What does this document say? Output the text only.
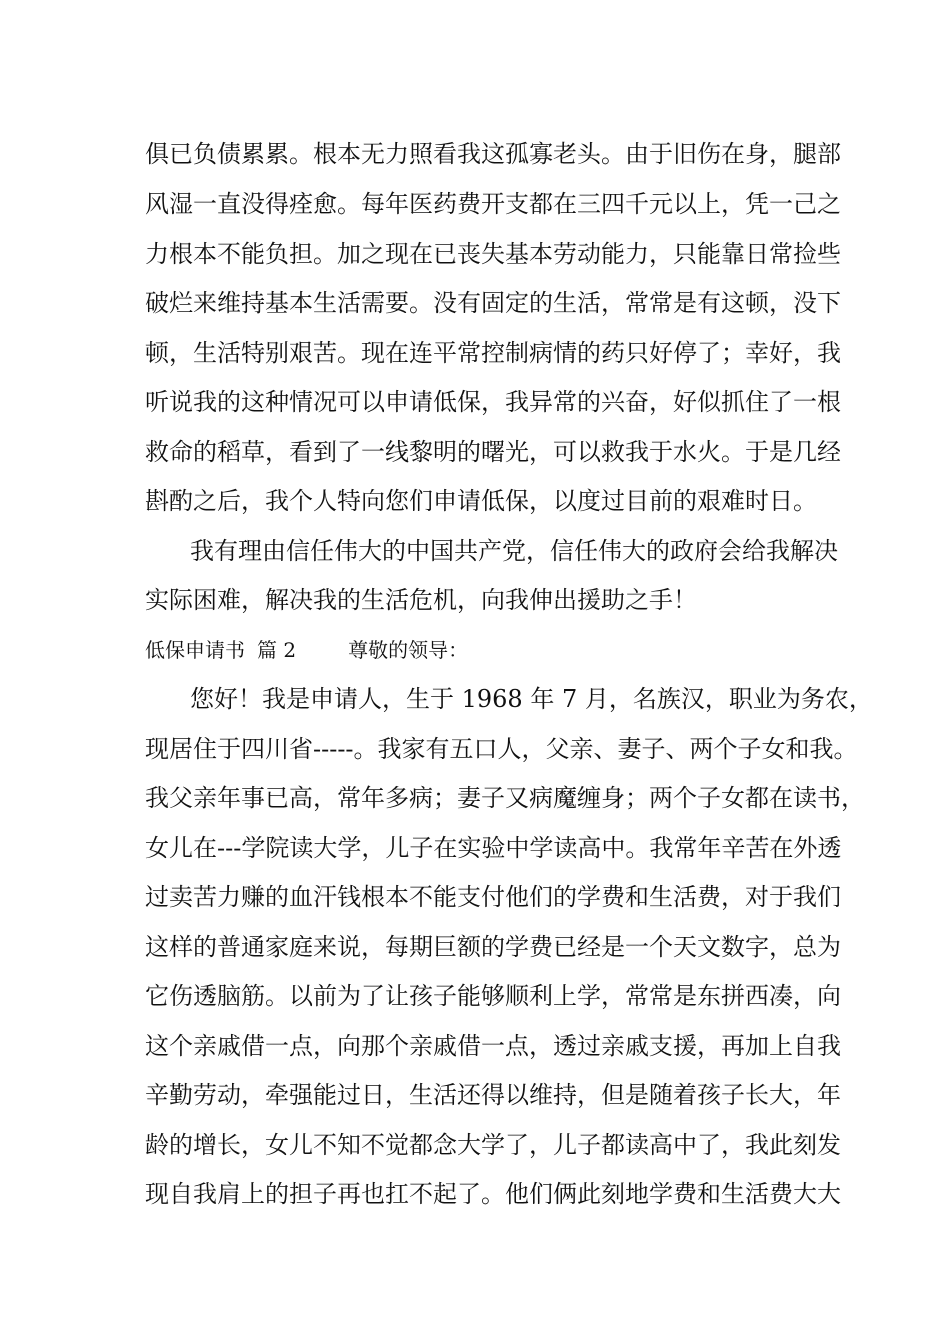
俱已负债累累。根本无力照看我这孤寡老头。由于旧伤在身，腿部
风湿一直没得痊愈。每年医药费开支都在三四千元以上，凭一己之
力根本不能负担。加之现在已丧失基本劳动能力，只能靠日常捡些
破烂来维持基本生活需要。没有固定的生活，常常是有这顿，没下
顿，生活特别艰苦。现在连平常控制病情的药只好停了；幸好，我
听说我的这种情况可以申请低保，我异常的兴奋，好似抓住了一根
救命的稻草，看到了一线黎明的曙光，可以救我于水火。于是几经
斟酌之后，我个人特向您们申请低保，以度过目前的艰难时日。
我有理由信任伟大的中国共产党，信任伟大的政府会给我解决
实际困难，解决我的生活危机，向我伸出援助之手！
低保申请书 篇 2	尊敬的领导：
您好！我是申请人，生于 1968 年 7 月，名族汉，职业为务农，
现居住于四川省-----。我家有五口人，父亲、妻子、两个子女和我。
我父亲年事已高，常年多病；妻子又病魔缠身；两个子女都在读书，
女儿在---学院读大学，儿子在实验中学读高中。我常年辛苦在外透
过卖苦力赚的血汗钱根本不能支付他们的学费和生活费，对于我们
这样的普通家庭来说，每期巨额的学费已经是一个天文数字，总为
它伤透脑筋。以前为了让孩子能够顺利上学，常常是东拼西凑，向
这个亲戚借一点，向那个亲戚借一点，透过亲戚支援，再加上自我
辛勤劳动，牵强能过日，生活还得以维持，但是随着孩子长大，年
龄的增长，女儿不知不觉都念大学了，儿子都读高中了，我此刻发
现自我肩上的担子再也扛不起了。他们俩此刻地学费和生活费大大
